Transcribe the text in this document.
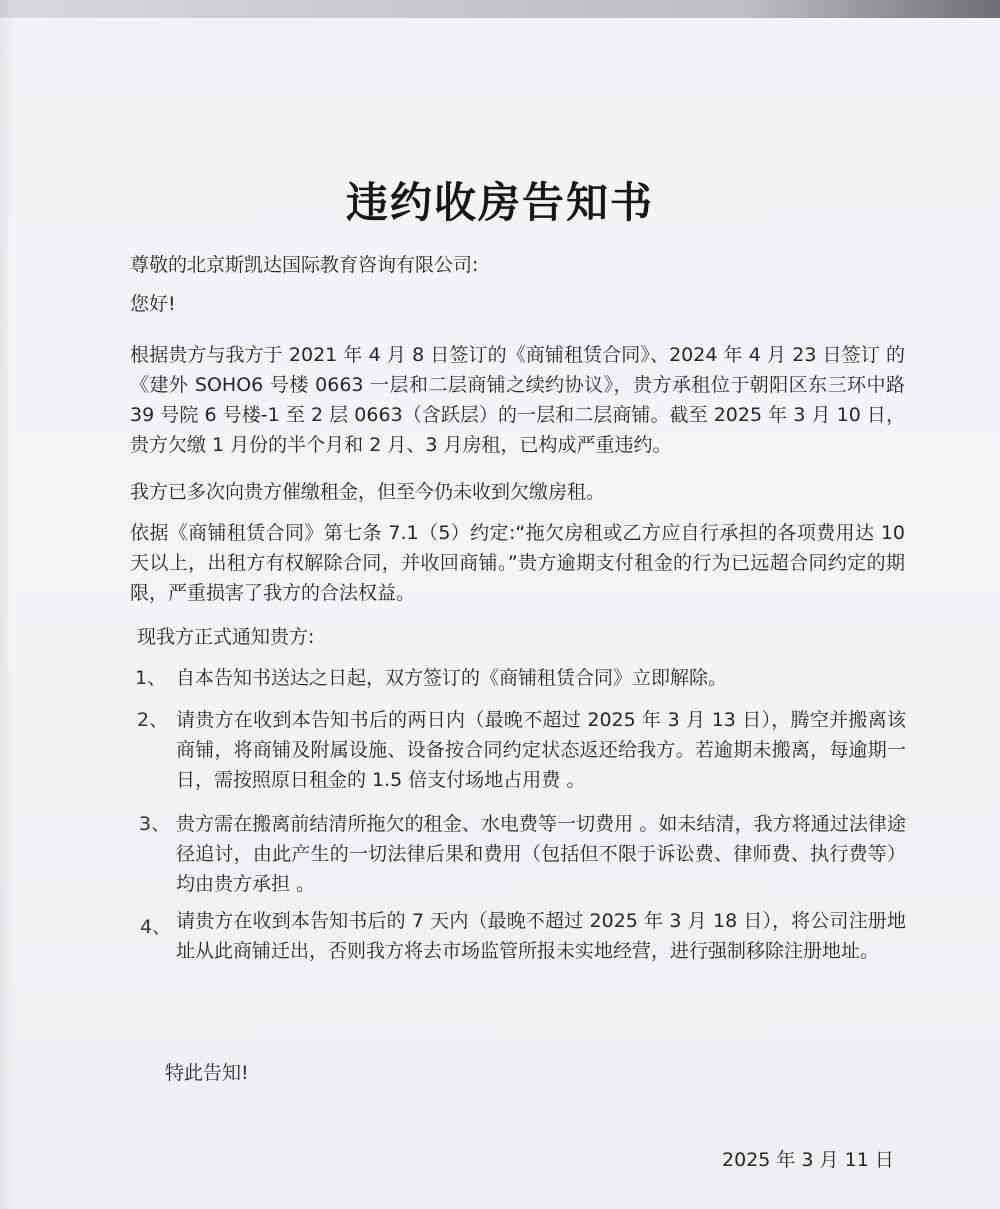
违约收房告知书
尊敬的北京斯凯达国际教育咨询有限公司:
您好!
根据贵方与我方于 2021 年 4 月 8 日签订的《商铺租赁合同》、2024 年 4 月 23 日签订 的《建外 SOHO6 号楼 0663 一层和二层商铺之续约协议》，贵方承租位于朝阳区东三环中路 39 号院 6 号楼-1 至 2 层 0663（含跃层）的一层和二层商铺。截至 2025 年 3 月 10 日，贵方欠缴 1 月份的半个月和 2 月、3 月房租，已构成严重违约。
我方已多次向贵方催缴租金，但至今仍未收到欠缴房租。
依据《商铺租赁合同》第七条 7.1（5）约定:“拖欠房租或乙方应自行承担的各项费用达 10 天以上，出租方有权解除合同，并收回商铺。”贵方逾期支付租金的行为已远超合同约定的期限，严重损害了我方的合法权益。
现我方正式通知贵方:
1、 自本告知书送达之日起，双方签订的《商铺租赁合同》立即解除。
2、 请贵方在收到本告知书后的两日内（最晚不超过 2025 年 3 月 13 日），腾空并搬离该商铺，将商铺及附属设施、设备按合同约定状态返还给我方。若逾期未搬离，每逾期一日，需按照原日租金的 1.5 倍支付场地占用费 。
3、 贵方需在搬离前结清所拖欠的租金、水电费等一切费用 。如未结清，我方将通过法律途径追讨，由此产生的一切法律后果和费用（包括但不限于诉讼费、律师费、执行费等）均由贵方承担 。
4、 请贵方在收到本告知书后的 7 天内（最晚不超过 2025 年 3 月 18 日），将公司注册地址从此商铺迁出，否则我方将去市场监管所报未实地经营，进行强制移除注册地址。
特此告知!
2025 年 3 月 11 日
